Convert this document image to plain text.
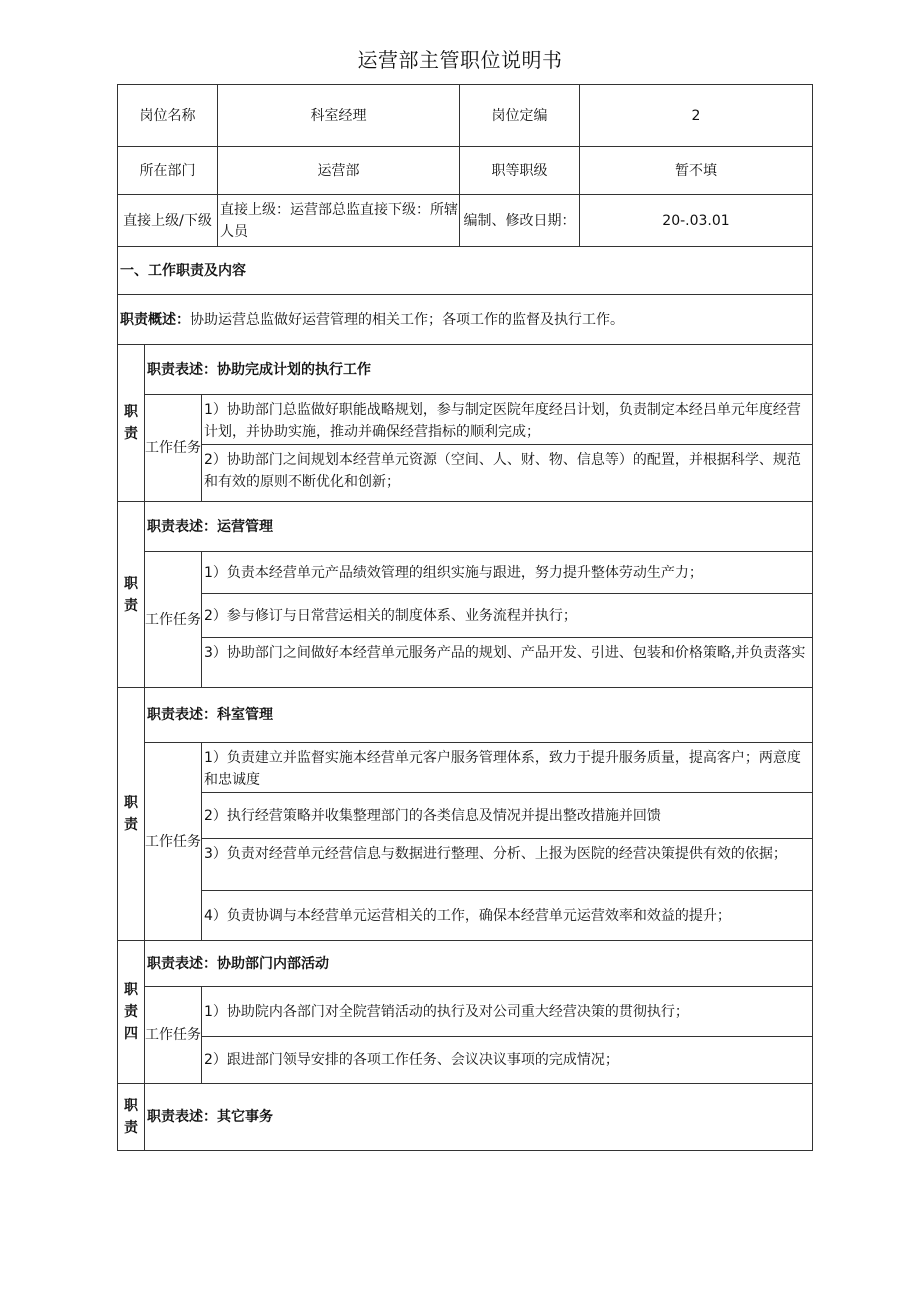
运营部主管职位说明书
岗位名称			科室经理	岗位定编	2
所在部门			运营部	职等职级	暂不填
直接上级/下级			直接上级：运营部总监直接下级：所辖人员	编制、修改日期：	20-.03.01
一、工作职责及内容					
职责概述：协助运营总监做好运营管理的相关工作；各项工作的监督及执行工作。					
职责	职责表述：协助完成计划的执行工作				
	工作任务	1）协助部门总监做好职能战略规划，参与制定医院年度经吕计划，负责制定本经吕单元年度经营计划，并协助实施，推动并确保经营指标的顺利完成；			
		2）协助部门之间规划本经营单元资源（空间、人、财、物、信息等）的配置，并根据科学、规范和有效的原则不断优化和创新；			
职责	职责表述：运营管理				
	工作任务	1）负责本经营单元产品绩效管理的组织实施与跟进，努力提升整体劳动生产力；			
		2）参与修订与日常营运相关的制度体系、业务流程并执行；			
		3）协助部门之间做好本经营单元服务产品的规划、产品开发、引进、包装和价格策略,并负责落实			
职责	职责表述：科室管理				
	工作任务	1）负责建立并监督实施本经营单元客户服务管理体系，致力于提升服务质量，提高客户；两意度和忠诚度			
		2）执行经营策略并收集整理部门的各类信息及情况并提出整改措施并回馈			
		3）负责对经营单元经营信息与数据进行整理、分析、上报为医院的经营决策提供有效的依据；			
		4）负责协调与本经营单元运营相关的工作，确保本经营单元运营效率和效益的提升；			
职责四	职责表述：协助部门内部活动				
	工作任务	1）协助院内各部门对全院营销活动的执行及对公司重大经营决策的贯彻执行；			
		2）跟进部门领导安排的各项工作任务、会议决议事项的完成情况；			
职责	职责表述：其它事务				
